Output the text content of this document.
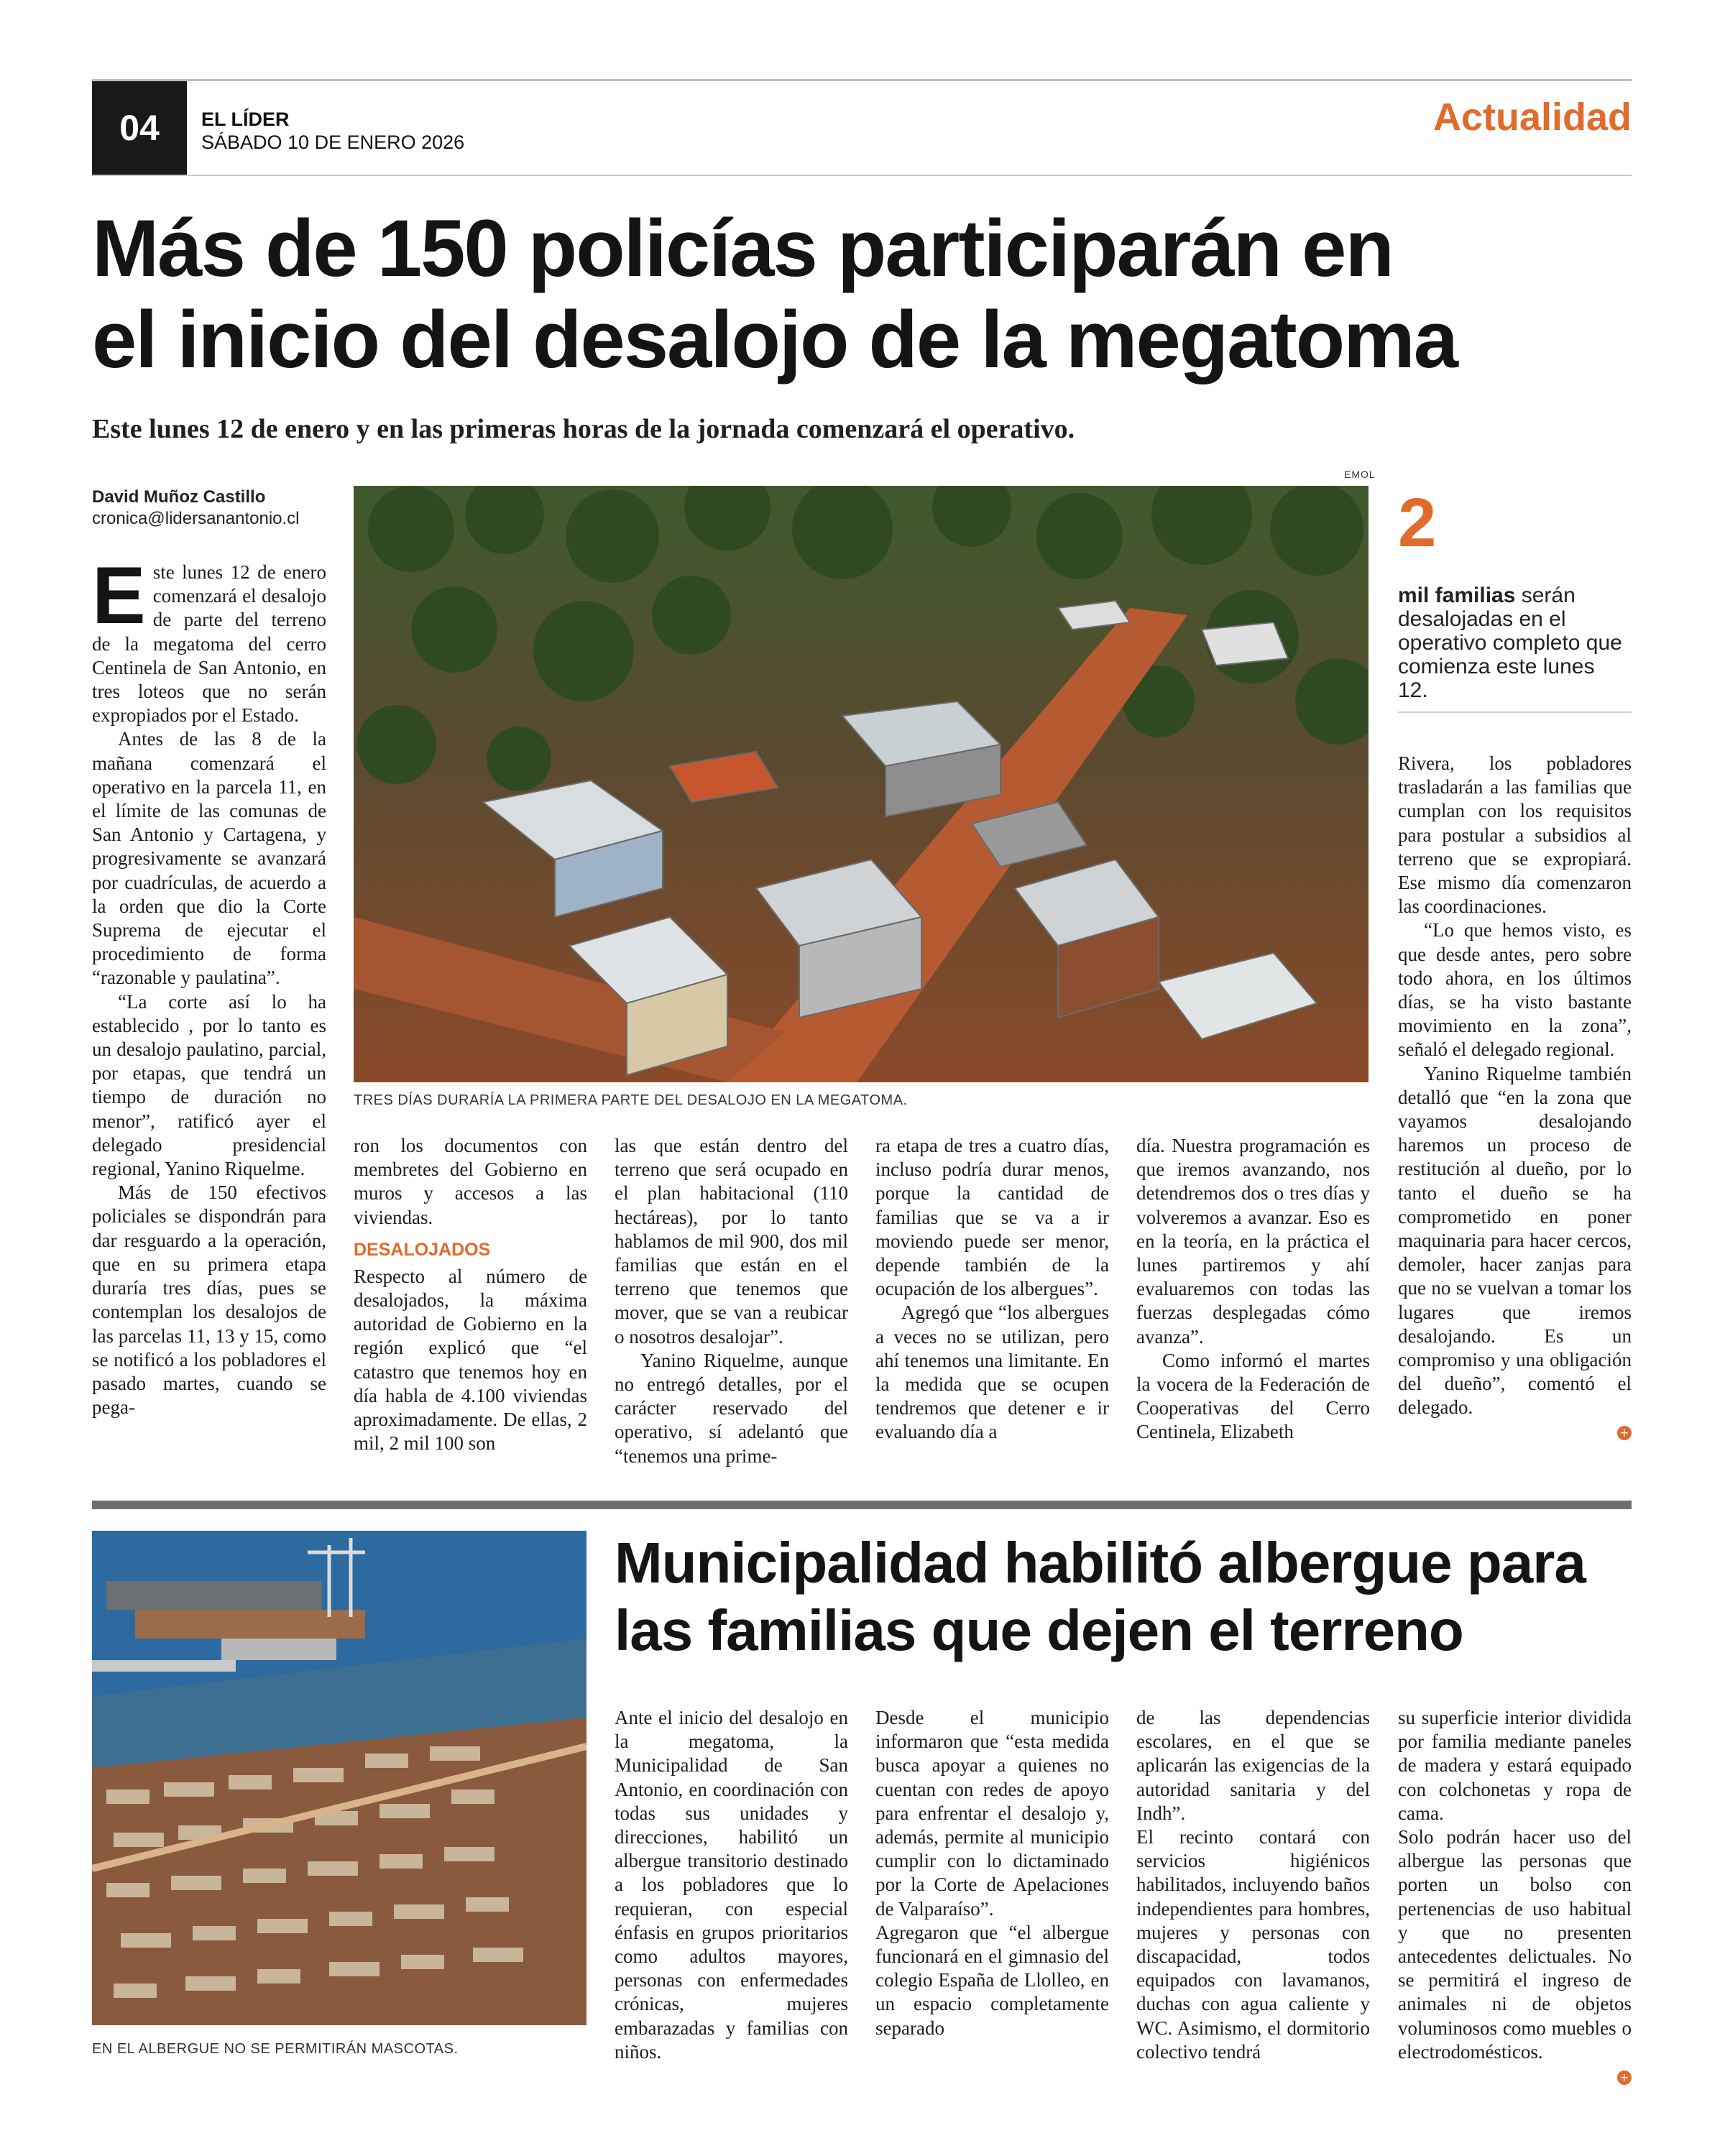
04	EL LÍDER
SÁBADO 10 DE ENERO 2026
Actualidad
Más de 150 policías participarán en
el inicio del desalojo de la megatoma
Este lunes 12 de enero y en las primeras horas de la jornada comenzará el operativo.
David Muñoz Castillo
cronica@lidersanantonio.cl

Este lunes 12 de enero comenzará el desalojo de parte del terreno de la megatoma del cerro Centinela de San Antonio, en tres loteos que no serán expropiados por el Estado.

Antes de las 8 de la mañana comenzará el operativo en la parcela 11, en el límite de las comunas de San Antonio y Cartagena, y progresivamente se avanzará por cuadrículas, de acuerdo a la orden que dio la Corte Suprema de ejecutar el procedimiento de forma “razonable y paulatina”.

“La corte así lo ha establecido , por lo tanto es un desalojo paulatino, parcial, por etapas, que tendrá un tiempo de duración no menor”, ratificó ayer el delegado presidencial regional, Yanino Riquelme.

Más de 150 efectivos policiales se dispondrán para dar resguardo a la operación, que en su primera etapa duraría tres días, pues se contemplan los desalojos de las parcelas 11, 13 y 15, como se notificó a los pobladores el pasado martes, cuando se pega-

EMOL
TRES DÍAS DURARÍA LA PRIMERA PARTE DEL DESALOJO EN LA MEGATOMA.

ron los documentos con membretes del Gobierno en muros y accesos a las viviendas.

DESALOJADOS

Respecto al número de desalojados, la máxima autoridad de Gobierno en la región explicó que “el catastro que tenemos hoy en día habla de 4.100 viviendas aproximadamente. De ellas, 2 mil, 2 mil 100 son

las que están dentro del terreno que será ocupado en el plan habitacional (110 hectáreas), por lo tanto hablamos de mil 900, dos mil familias que están en el terreno que tenemos que mover, que se van a reubicar o nosotros desalojar”.

Yanino Riquelme, aunque no entregó detalles, por el carácter reservado del operativo, sí adelantó que “tenemos una prime-

ra etapa de tres a cuatro días, incluso podría durar menos, porque la cantidad de familias que se va a ir moviendo puede ser menor, depende también de la ocupación de los albergues”.

Agregó que “los albergues a veces no se utilizan, pero ahí tenemos una limitante. En la medida que se ocupen tendremos que detener e ir evaluando día a

día. Nuestra programación es que iremos avanzando, nos detendremos dos o tres días y volveremos a avanzar. Eso es en la teoría, en la práctica el lunes partiremos y ahí evaluaremos con todas las fuerzas desplegadas cómo avanza”.

Como informó el martes la vocera de la Federación de Cooperativas del Cerro Centinela, Elizabeth

2
mil familias serán desalojadas en el operativo completo que comienza este lunes 12.

Rivera, los pobladores trasladarán a las familias que cumplan con los requisitos para postular a subsidios al terreno que se expropiará. Ese mismo día comenzaron las coordinaciones.

“Lo que hemos visto, es que desde antes, pero sobre todo ahora, en los últimos días, se ha visto bastante movimiento en la zona”, señaló el delegado regional.

Yanino Riquelme también detalló que “en la zona que vayamos desalojando haremos un proceso de restitución al dueño, por lo tanto el dueño se ha comprometido en poner maquinaria para hacer cercos, demoler, hacer zanjas para que no se vuelvan a tomar los lugares que iremos desalojando. Es un compromiso y una obligación del dueño”, comentó el delegado.

+
EN EL ALBERGUE NO SE PERMITIRÁN MASCOTAS.
Municipalidad habilitó albergue para
las familias que dejen el terreno

Ante el inicio del desalojo en la megatoma, la Municipalidad de San Antonio, en coordinación con todas sus unidades y direcciones, habilitó un albergue transitorio destinado a los pobladores que lo requieran, con especial énfasis en grupos prioritarios como adultos mayores, personas con enfermedades crónicas, mujeres embarazadas y familias con niños.

Desde el municipio informaron que “esta medida busca apoyar a quienes no cuentan con redes de apoyo para enfrentar el desalojo y, además, permite al municipio cumplir con lo dictaminado por la Corte de Apelaciones de Valparaíso”.

Agregaron que “el albergue funcionará en el gimnasio del colegio España de Llolleo, en un espacio completamente separado

de las dependencias escolares, en el que se aplicarán las exigencias de la autoridad sanitaria y del Indh”.

El recinto contará con servicios higiénicos habilitados, incluyendo baños independientes para hombres, mujeres y personas con discapacidad, todos equipados con lavamanos, duchas con agua caliente y WC. Asimismo, el dormitorio colectivo tendrá

su superficie interior dividida por familia mediante paneles de madera y estará equipado con colchonetas y ropa de cama.

Solo podrán hacer uso del albergue las personas que porten un bolso con pertenencias de uso habitual y que no presenten antecedentes delictuales. No se permitirá el ingreso de animales ni de objetos voluminosos como muebles o electrodomésticos.

+
